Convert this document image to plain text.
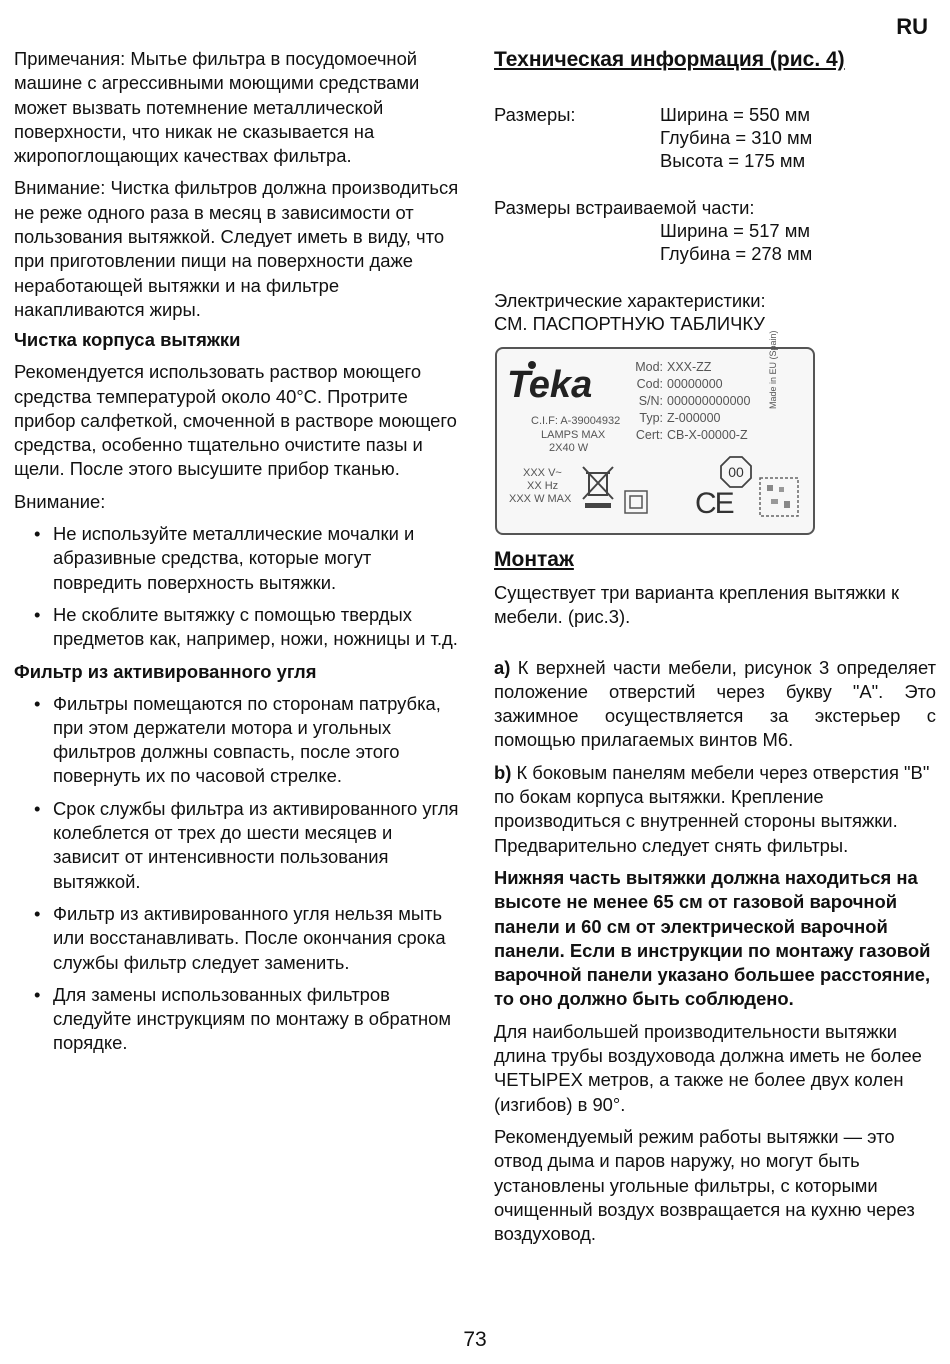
RU

Примечания: Мытье фильтра в посудомоечной машине с агрессивными моющими средствами может вызвать потемнение металлической поверхности, что никак не сказывается на жиропоглощающих качествах фильтра.

Внимание: Чистка фильтров должна производиться не реже одного раза в месяц в зависимости от пользования вытяжкой. Следует иметь в виду, что при приготовлении пищи на поверхности даже неработающей вытяжки и на фильтре накапливаются жиры.

Чистка корпуса вытяжки

Рекомендуется использовать раствор моющего средства температурой около 40°С. Протрите прибор салфеткой, смоченной в растворе моющего средства, особенно тщательно очистите пазы и щели. После этого высушите прибор тканью.

Внимание:

• Не используйте металлические мочалки и абразивные средства, которые могут повредить поверхность вытяжки.
• Не скоблите вытяжку с помощью твердых предметов как, например, ножи, ножницы и т.д.
Фильтр из активированного угля
• Фильтры помещаются по сторонам патрубка, при этом держатели мотора и угольных фильтров должны совпасть, после этого повернуть их по часовой стрелке.
• Срок службы фильтра из активированного угля колеблется от трех до шести месяцев и зависит от интенсивности пользования вытяжкой.
• Фильтр из активированного угля нельзя мыть или восстанавливать. После окончания срока службы фильтр следует заменить.
• Для замены использованных фильтров следуйте инструкциям по монтажу в обратном порядке.
Техническая информация (рис. 4)
Размеры:	Ширина = 550 мм
Глубина = 310 мм
Высота = 175 мм
Размеры встраиваемой части:
Ширина = 517 мм
Глубина = 278 мм
Электрические характеристики:
СМ. ПАСПОРТНУЮ ТАБЛИЧКУ
Teka
C.I.F: A-39004932
LAMPS MAX
2X40 W
XXX V~
XX Hz
XXX W MAX
Mod:
Cod:
S/N:
Typ:
Cert:
XXX-ZZ
00000000
000000000000
Z-000000
CB-X-00000-Z
Made in EU (Spain)
00
CE
Монтаж

Существует три варианта крепления вытяжки к мебели. (рис.3).

a) К верхней части мебели, рисунок 3 определяет положение отверстий через букву "А". Это зажимное осуществляется за экстерьер с помощью прилагаемых винтов М6.

b) К боковым панелям мебели через отверстия "В" по бокам корпуса вытяжки. Крепление производиться с внутренней стороны вытяжки. Предварительно следует снять фильтры.

Нижняя часть вытяжки должна находиться на высоте не менее 65 см от газовой варочной панели и 60 см от электрической варочной панели. Если в инструкции по монтажу газовой варочной панели указано большее расстояние, то оно должно быть соблюдено.

Для наибольшей производительности вытяжки длина трубы воздуховода должна иметь не более ЧЕТЫРЕХ метров, а также не более двух колен (изгибов) в 90°.

Рекомендуемый режим работы вытяжки — это отвод дыма и паров наружу, но могут быть установлены угольные фильтры, с которыми очищенный воздух возвращается на кухню через воздуховод.

73
